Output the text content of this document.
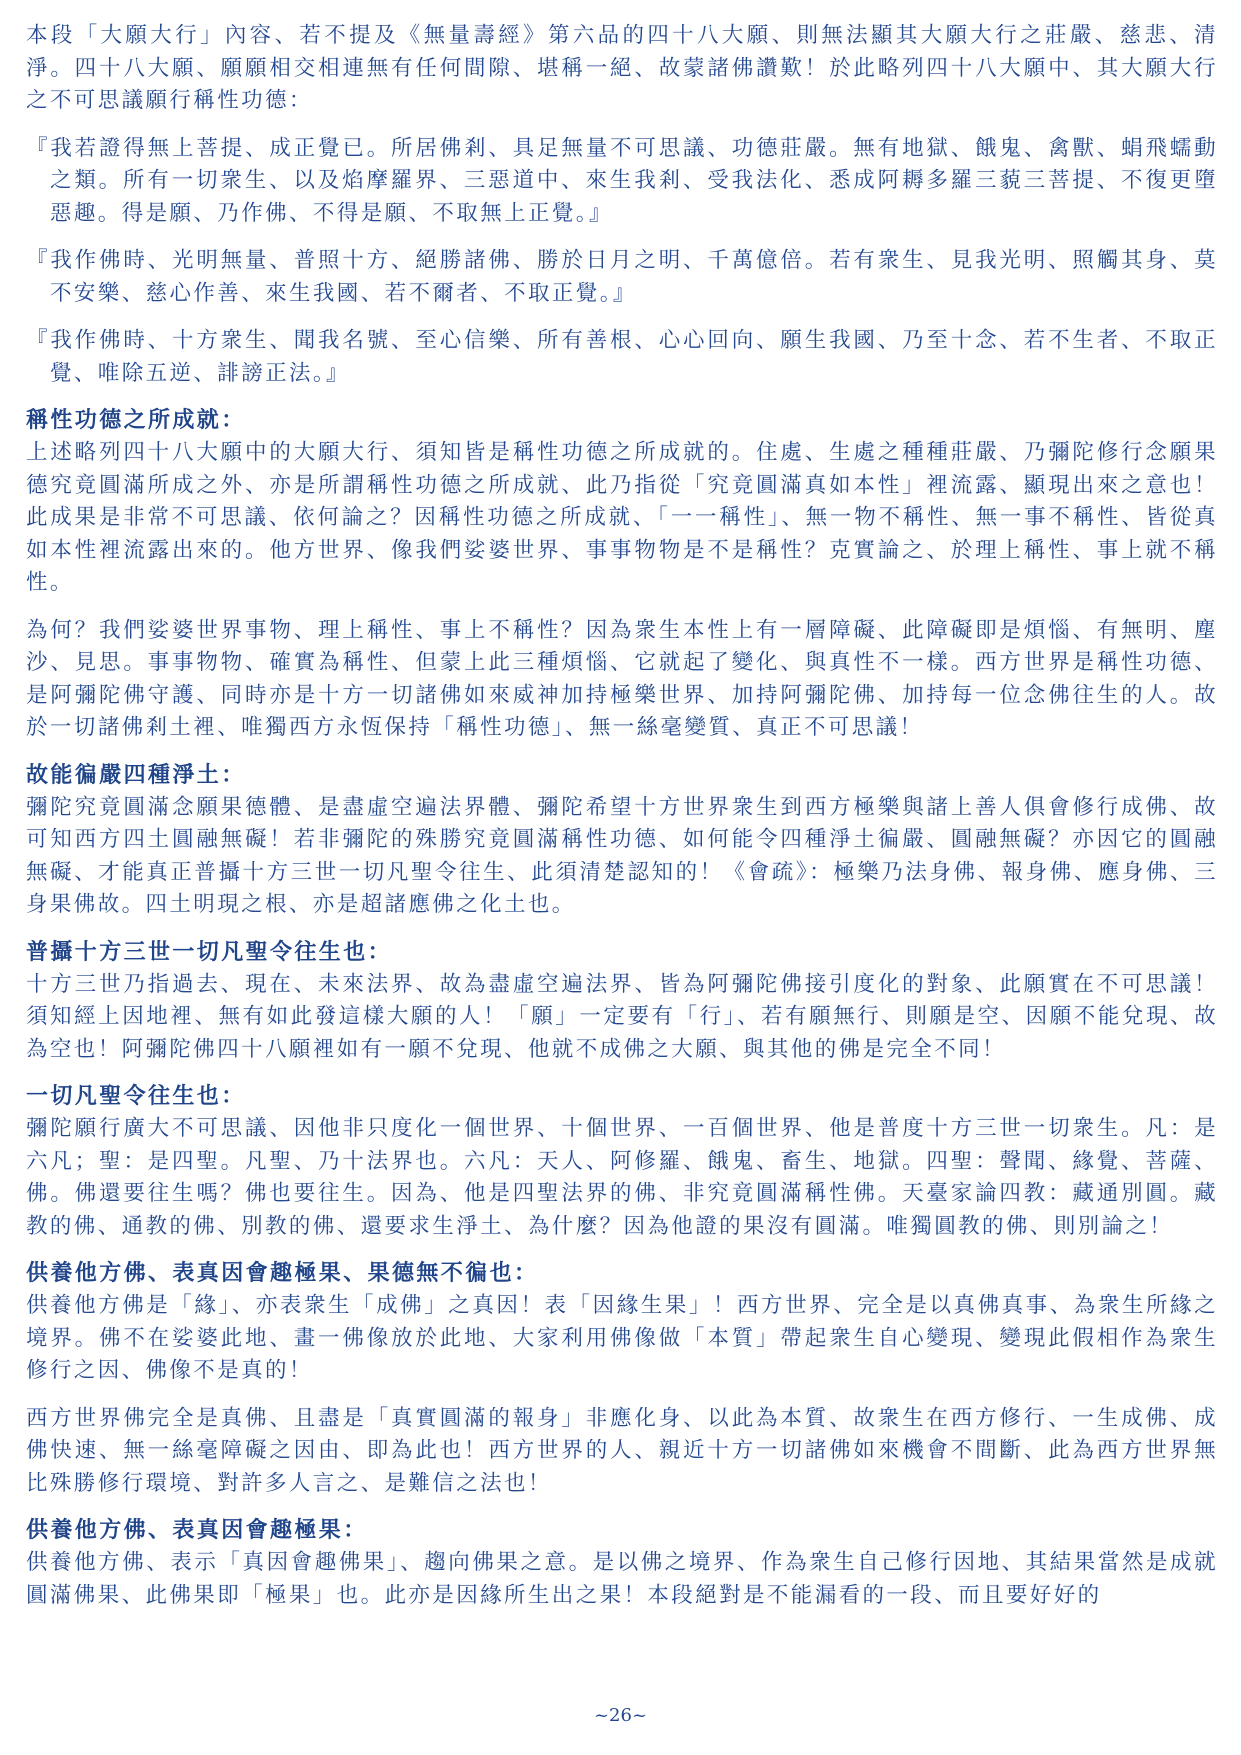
本段「大願大行」內容、若不提及《無量壽經》第六品的四十八大願、則無法顯其大願大行之莊嚴、慈悲、清淨。四十八大願、願願相交相連無有任何間隙、堪稱一絕、故蒙諸佛讚歎！於此略列四十八大願中、其大願大行之不可思議願行稱性功德：

『我若證得無上菩提、成正覺已。所居佛剎、具足無量不可思議、功德莊嚴。無有地獄、餓鬼、禽獸、蜎飛蠕動之類。所有一切衆生、以及焰摩羅界、三惡道中、來生我剎、受我法化、悉成阿耨多羅三藐三菩提、不復更墮惡趣。得是願、乃作佛、不得是願、不取無上正覺。』

『我作佛時、光明無量、普照十方、絕勝諸佛、勝於日月之明、千萬億倍。若有衆生、見我光明、照觸其身、莫不安樂、慈心作善、來生我國、若不爾者、不取正覺。』

『我作佛時、十方衆生、聞我名號、至心信樂、所有善根、心心回向、願生我國、乃至十念、若不生者、不取正覺、唯除五逆、誹謗正法。』

稱性功德之所成就：

上述略列四十八大願中的大願大行、須知皆是稱性功德之所成就的。住處、生處之種種莊嚴、乃彌陀修行念願果德究竟圓滿所成之外、亦是所謂稱性功德之所成就、此乃指從「究竟圓滿真如本性」裡流露、顯現出來之意也！此成果是非常不可思議、依何論之？因稱性功德之所成就、「一一稱性」、無一物不稱性、無一事不稱性、皆從真如本性裡流露出來的。他方世界、像我們娑婆世界、事事物物是不是稱性？克實論之、於理上稱性、事上就不稱性。

為何？我們娑婆世界事物、理上稱性、事上不稱性？因為衆生本性上有一層障礙、此障礙即是煩惱、有無明、塵沙、見思。事事物物、確實為稱性、但蒙上此三種煩惱、它就起了變化、與真性不一樣。西方世界是稱性功德、是阿彌陀佛守護、同時亦是十方一切諸佛如來威神加持極樂世界、加持阿彌陀佛、加持每一位念佛往生的人。故於一切諸佛剎土裡、唯獨西方永恆保持「稱性功德」、無一絲毫變質、真正不可思議！

故能徧嚴四種淨土：

彌陀究竟圓滿念願果德體、是盡虛空遍法界體、彌陀希望十方世界衆生到西方極樂與諸上善人俱會修行成佛、故可知西方四土圓融無礙！若非彌陀的殊勝究竟圓滿稱性功德、如何能令四種淨土徧嚴、圓融無礙？亦因它的圓融無礙、才能真正普攝十方三世一切凡聖令往生、此須清楚認知的！《會疏》：極樂乃法身佛、報身佛、應身佛、三身果佛故。四土明現之根、亦是超諸應佛之化土也。

普攝十方三世一切凡聖令往生也：

十方三世乃指過去、現在、未來法界、故為盡虛空遍法界、皆為阿彌陀佛接引度化的對象、此願實在不可思議！須知經上因地裡、無有如此發這樣大願的人！「願」一定要有「行」、若有願無行、則願是空、因願不能兌現、故為空也！阿彌陀佛四十八願裡如有一願不兌現、他就不成佛之大願、與其他的佛是完全不同！

一切凡聖令往生也：

彌陀願行廣大不可思議、因他非只度化一個世界、十個世界、一百個世界、他是普度十方三世一切衆生。凡：是六凡；聖：是四聖。凡聖、乃十法界也。六凡：天人、阿修羅、餓鬼、畜生、地獄。四聖：聲聞、緣覺、菩薩、佛。佛還要往生嗎？佛也要往生。因為、他是四聖法界的佛、非究竟圓滿稱性佛。天臺家論四教：藏通別圓。藏教的佛、通教的佛、別教的佛、還要求生淨土、為什麼？因為他證的果沒有圓滿。唯獨圓教的佛、則別論之！

供養他方佛、表真因會趣極果、果德無不徧也：

供養他方佛是「緣」、亦表衆生「成佛」之真因！表「因緣生果」！西方世界、完全是以真佛真事、為衆生所緣之境界。佛不在娑婆此地、畫一佛像放於此地、大家利用佛像做「本質」帶起衆生自心變現、變現此假相作為衆生修行之因、佛像不是真的！

西方世界佛完全是真佛、且盡是「真實圓滿的報身」非應化身、以此為本質、故衆生在西方修行、一生成佛、成佛快速、無一絲毫障礙之因由、即為此也！西方世界的人、親近十方一切諸佛如來機會不間斷、此為西方世界無比殊勝修行環境、對許多人言之、是難信之法也！

供養他方佛、表真因會趣極果：

供養他方佛、表示「真因會趣佛果」、趨向佛果之意。是以佛之境界、作為衆生自己修行因地、其結果當然是成就圓滿佛果、此佛果即「極果」也。此亦是因緣所生出之果！本段絕對是不能漏看的一段、而且要好好的

~26~
